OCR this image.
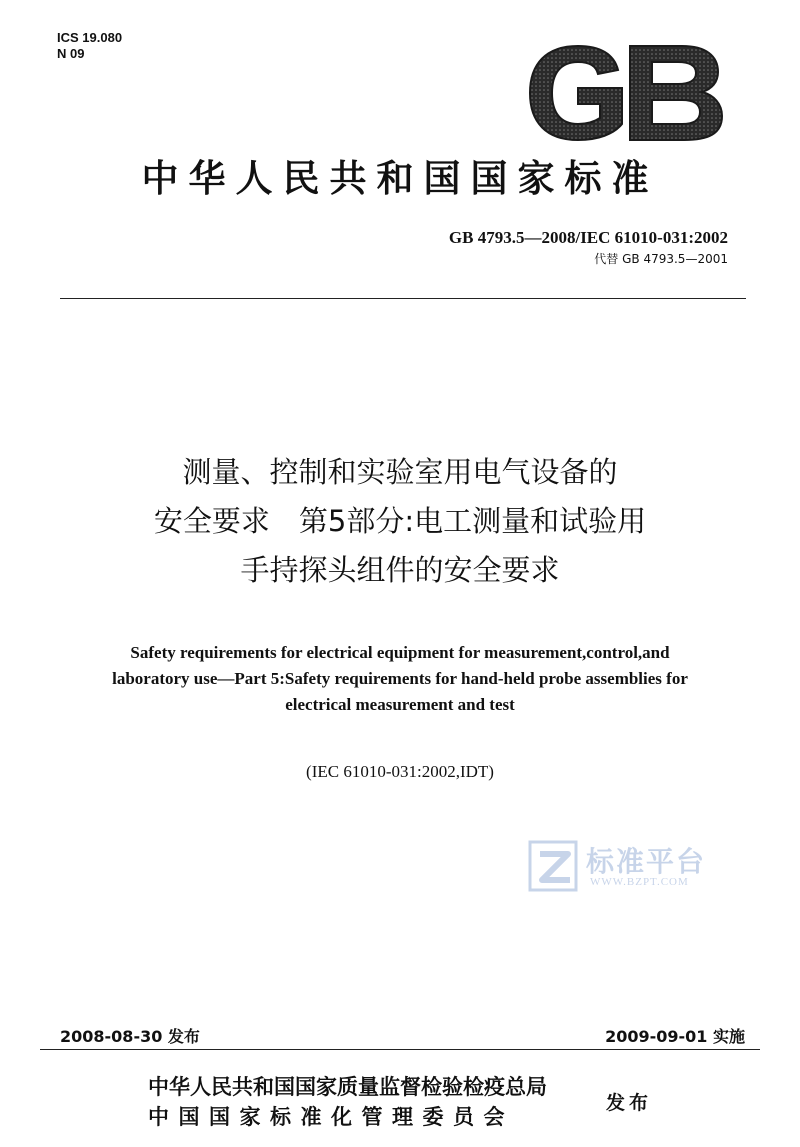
ICS 19.080
N 09
GB
中华人民共和国国家标准
GB 4793.5—2008/IEC 61010-031:2002
代替 GB 4793.5—2001
测量、控制和实验室用电气设备的
安全要求　第5部分:电工测量和试验用
手持探头组件的安全要求
Safety requirements for electrical equipment for measurement,control,and
laboratory use—Part 5:Safety requirements for hand-held probe assemblies for
electrical measurement and test
(IEC 61010-031:2002,IDT)
标准平台
WWW.BZPT.COM
2008-08-30 发布	2009-09-01 实施
中华人民共和国国家质量监督检验检疫总局
中国国家标准化管理委员会
发布
